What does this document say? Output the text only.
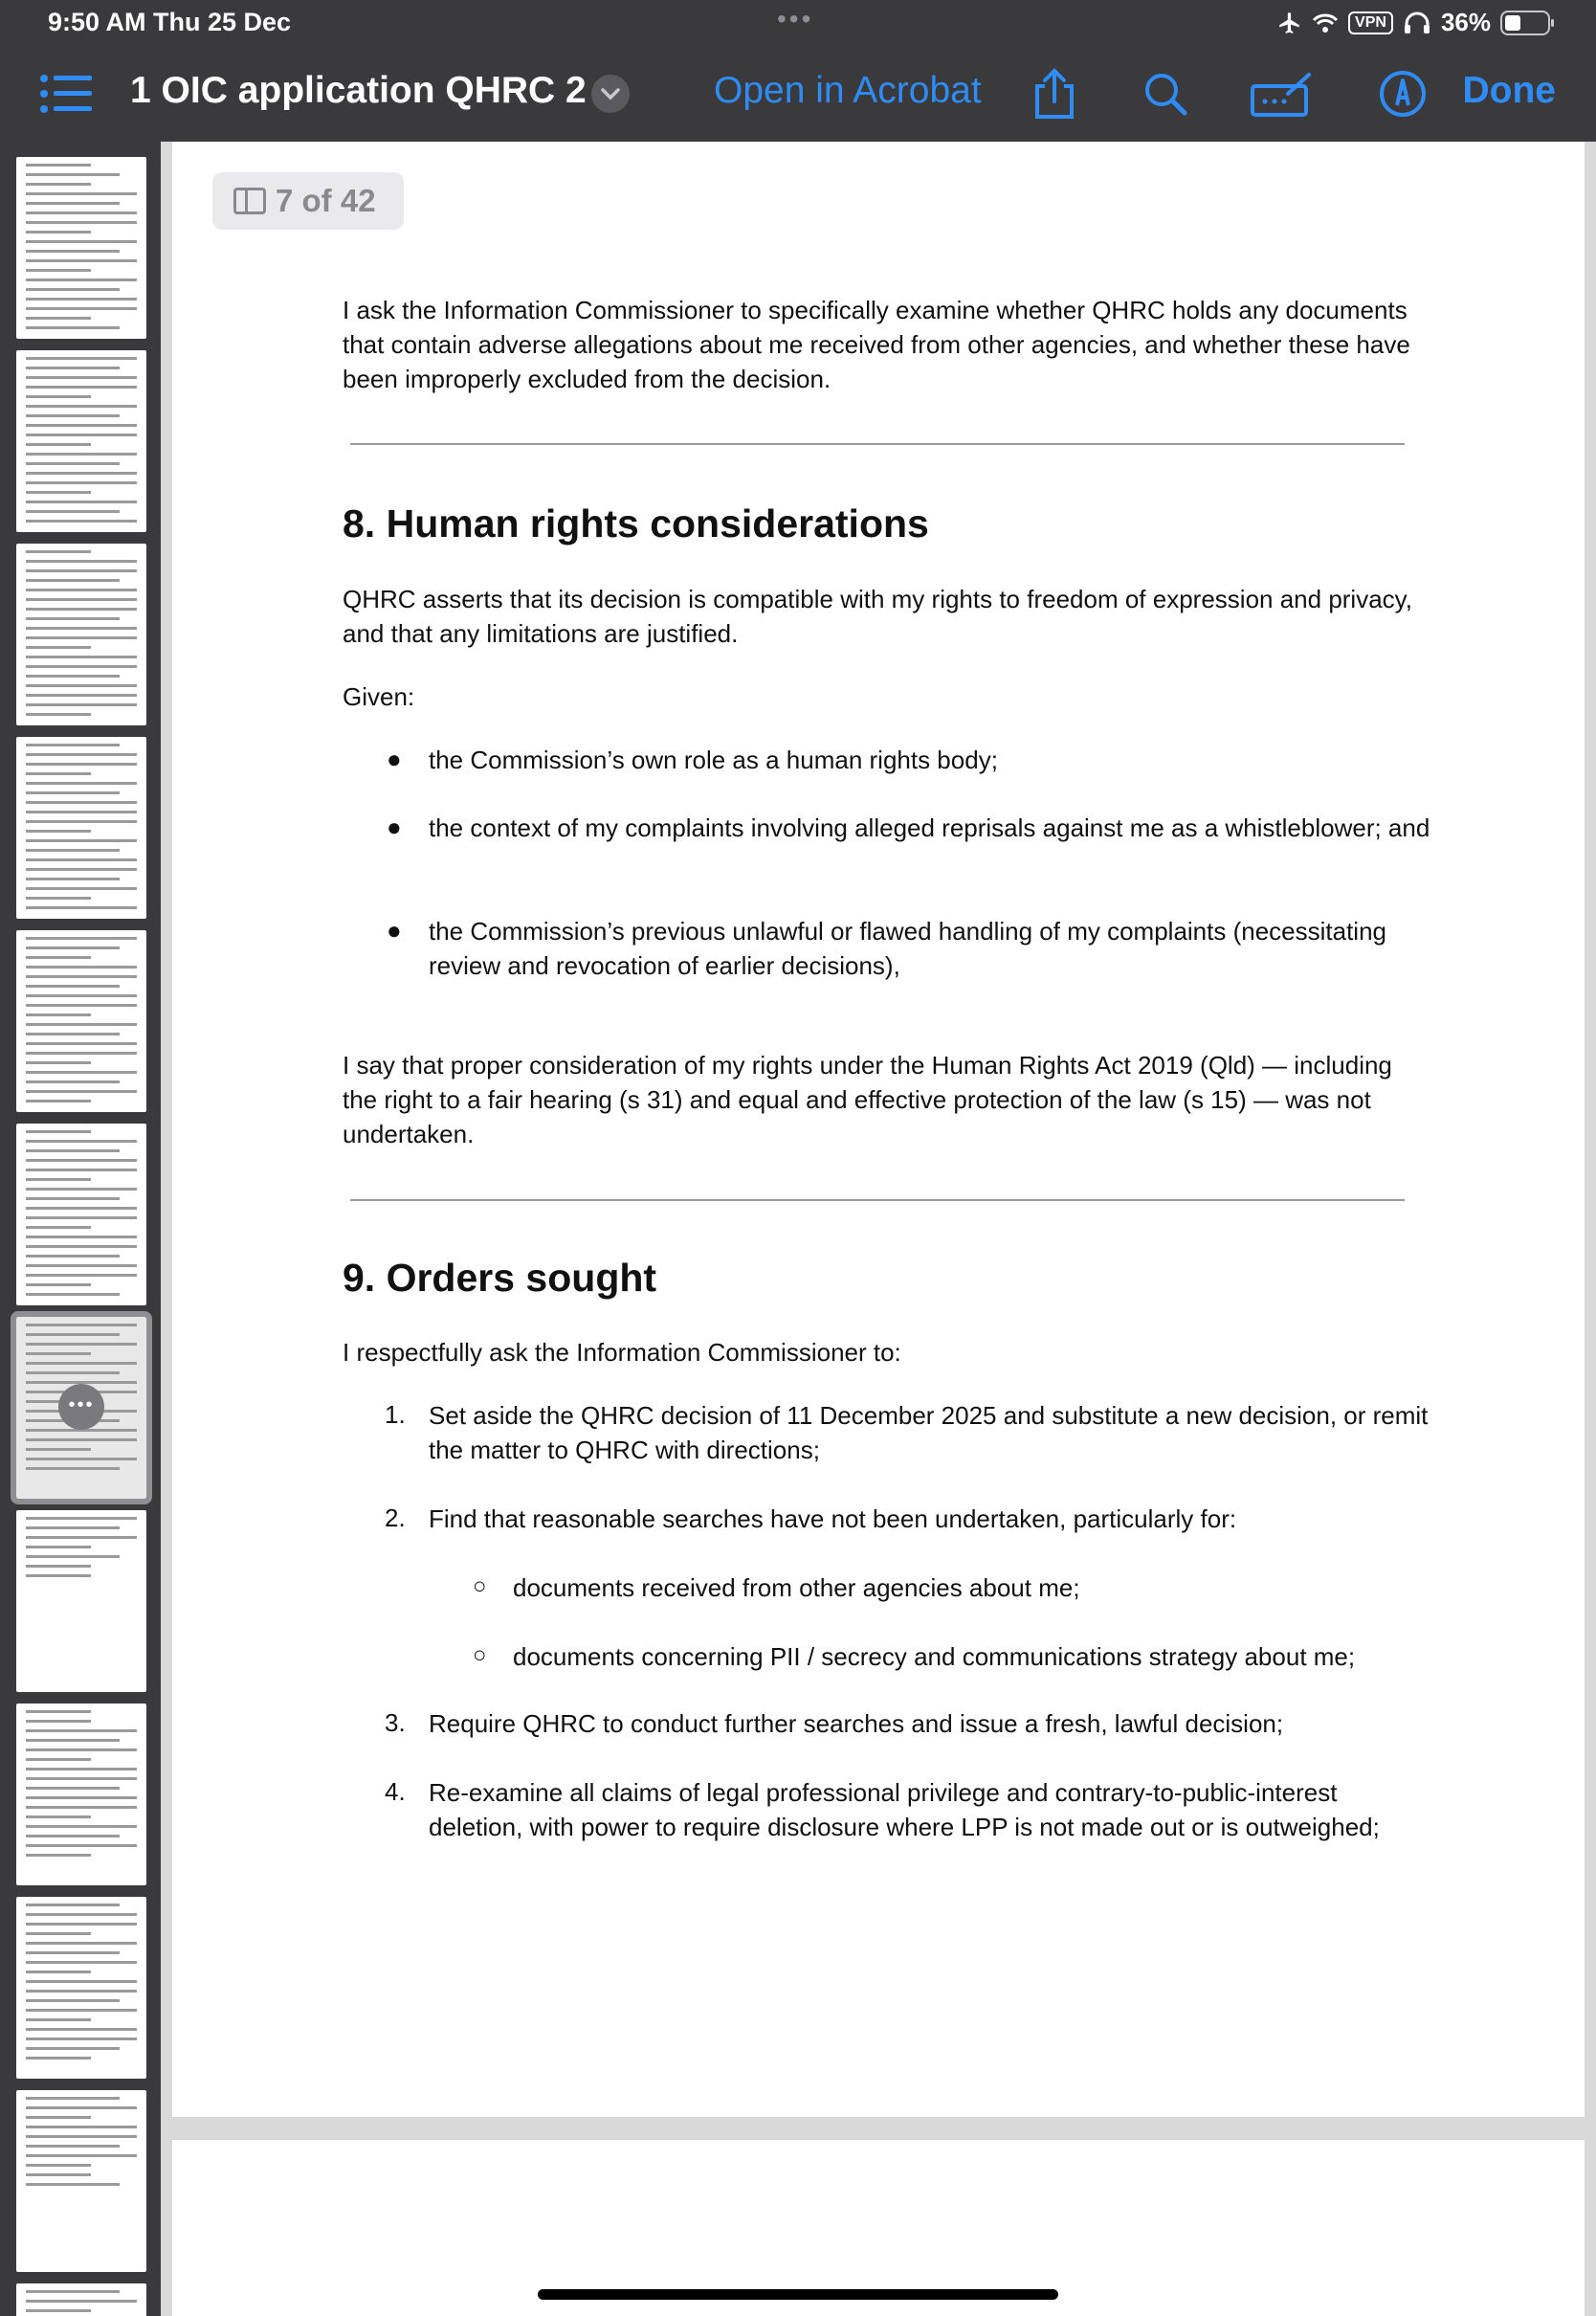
9:50 AM Thu 25 Dec	•••	VPN 36%
1 OIC application QHRC 2	Open in Acrobat	Done
•••
7 of 42
I ask the Information Commissioner to specifically examine whether QHRC holds any documents that contain adverse allegations about me received from other agencies, and whether these have been improperly excluded from the decision.
8. Human rights considerations
QHRC asserts that its decision is compatible with my rights to freedom of expression and privacy, and that any limitations are justified.
Given:
● the Commission’s own role as a human rights body;
● the context of my complaints involving alleged reprisals against me as a whistleblower; and
● the Commission’s previous unlawful or flawed handling of my complaints (necessitating review and revocation of earlier decisions),
I say that proper consideration of my rights under the Human Rights Act 2019 (Qld) — including the right to a fair hearing (s 31) and equal and effective protection of the law (s 15) — was not undertaken.
9. Orders sought
I respectfully ask the Information Commissioner to:
1. Set aside the QHRC decision of 11 December 2025 and substitute a new decision, or remit the matter to QHRC with directions;
2. Find that reasonable searches have not been undertaken, particularly for:
○ documents received from other agencies about me;
○ documents concerning PII / secrecy and communications strategy about me;
3. Require QHRC to conduct further searches and issue a fresh, lawful decision;
4. Re-examine all claims of legal professional privilege and contrary-to-public-interest deletion, with power to require disclosure where LPP is not made out or is outweighed;
